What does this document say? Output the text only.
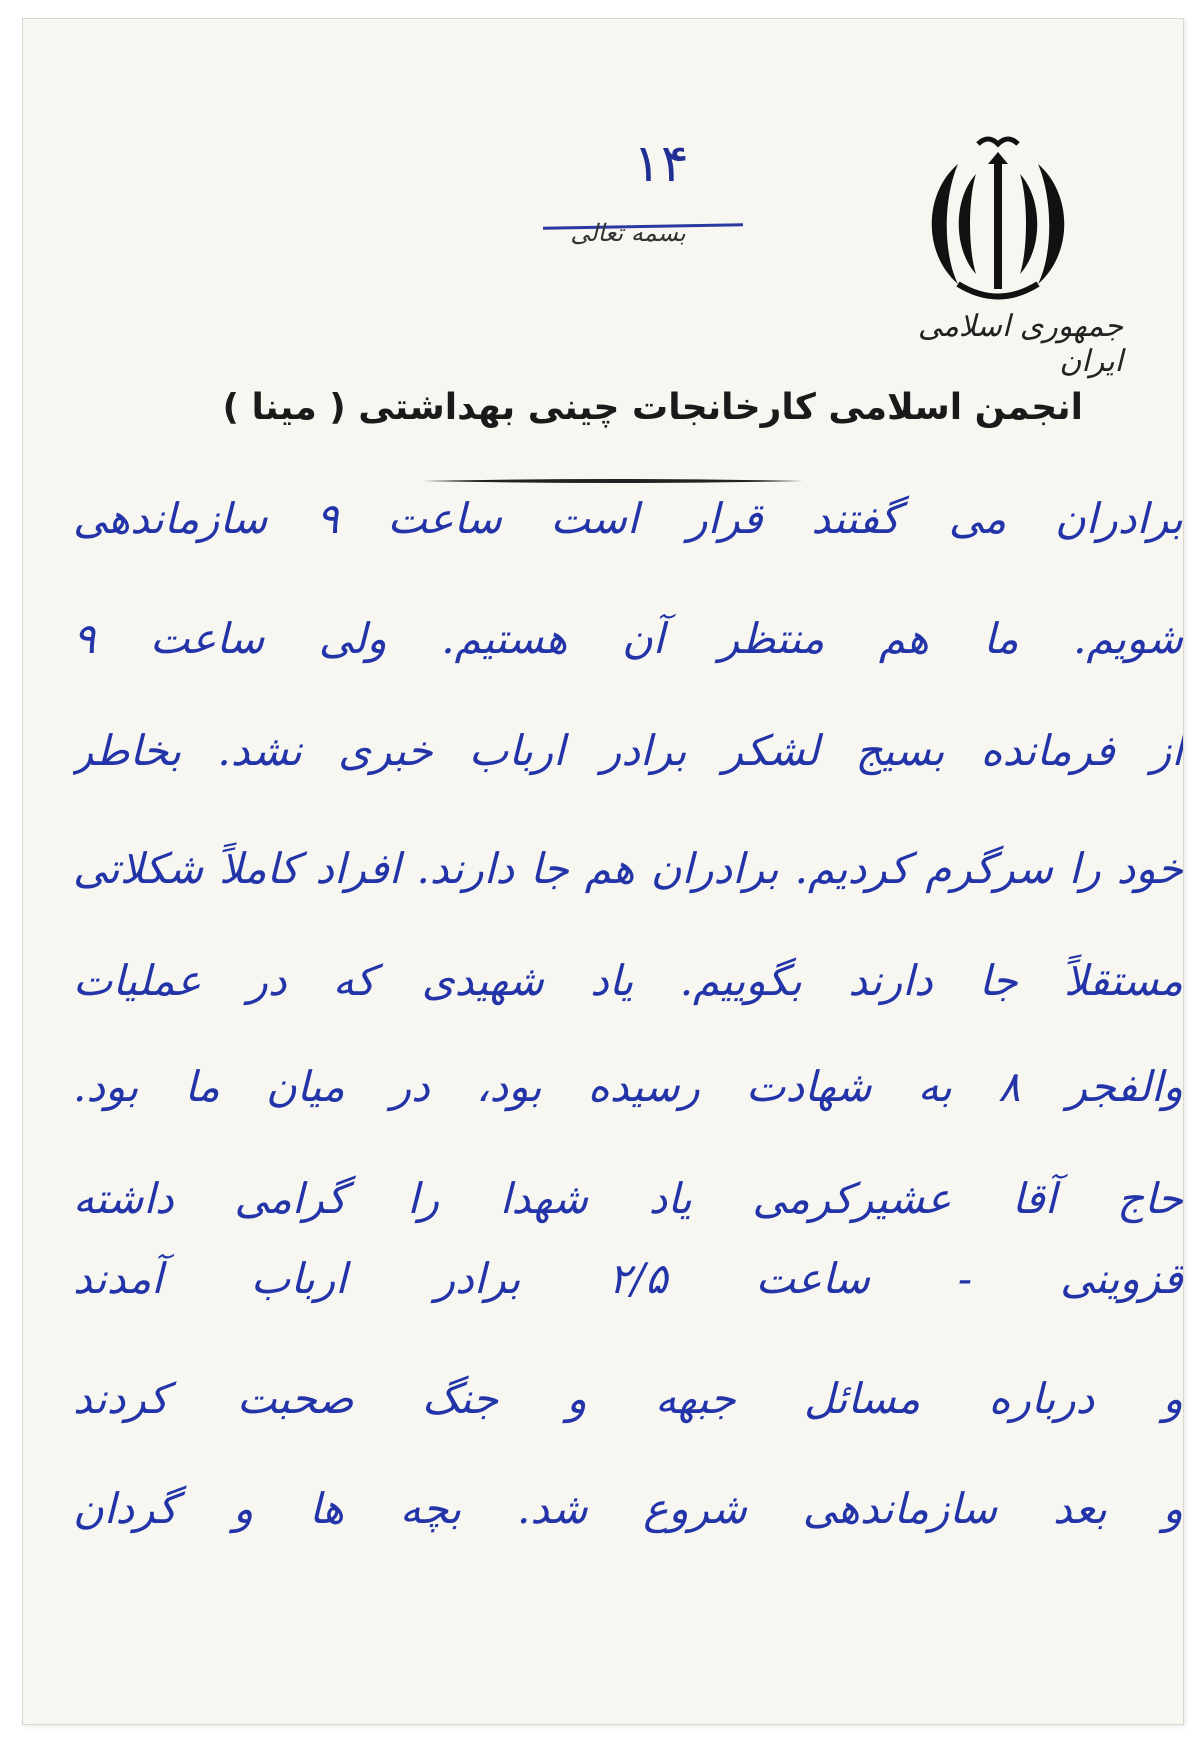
جمهوری اسلامی ایران
۱۴
بسمه تعالی
انجمن اسلامی کارخانجات چینی بهداشتی ( مینا )
برادران می گفتند قرار است ساعت ۹ سازماندهی
شویم. ما هم منتظر آن هستیم. ولی ساعت ۹
از فرمانده بسیج لشکر برادر ارباب خبری نشد. بخاطر
خود را سرگرم کردیم. برادران هم جا دارند. افراد کاملاً شکلاتی
مستقلاً جا دارند بگوییم. یاد شهیدی که در عملیات
والفجر ۸ به شهادت رسیده بود، در میان ما بود.
حاج آقا عشیرکرمی یاد شهدا را گرامی داشته
قزوینی - ساعت ۲/۵ برادر ارباب آمدند
و درباره مسائل جبهه و جنگ صحبت کردند
و بعد سازماندهی شروع شد. بچه ها و گردان
